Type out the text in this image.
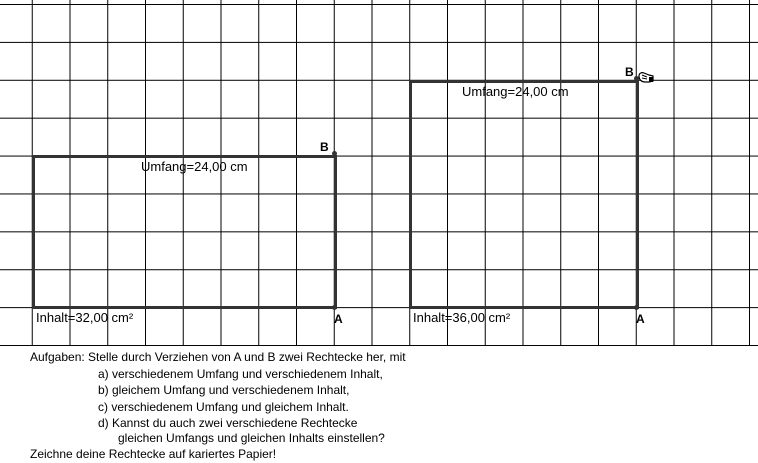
Umfang=24,00 cm
Inhalt=32,00 cm²
B
A
Umfang=24,00 cm
Inhalt=36,00 cm²
B
A
Aufgaben: Stelle durch Verziehen von A und B zwei Rechtecke her, mit
a) verschiedenem Umfang und verschiedenem Inhalt,
b) gleichem Umfang und verschiedenem Inhalt,
c) verschiedenem Umfang und gleichem Inhalt.
d) Kannst du auch zwei verschiedene Rechtecke
gleichen Umfangs und gleichen Inhalts einstellen?
Zeichne deine Rechtecke auf kariertes Papier!
